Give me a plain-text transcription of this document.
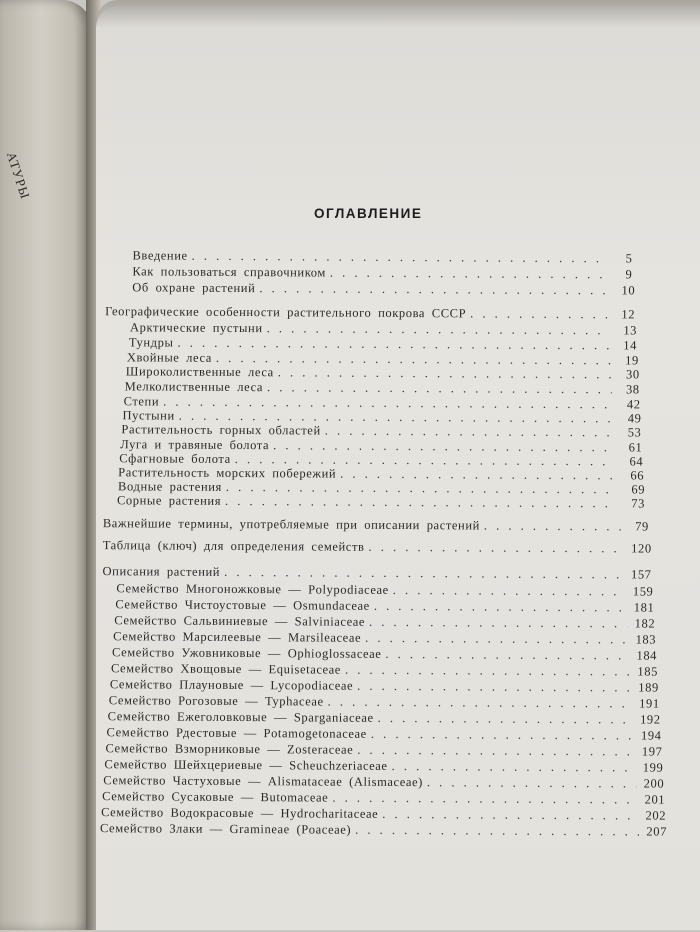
АТУРЫ
ОГЛАВЛЕНИЕ
Введение . . .	5
Как пользоваться справочником . . .	9
Об охране растений . . .	10
Географические особенности растительного покрова СССР . . .	12
Арктические пустыни . . .	13
Тундры . . .	14
Хвойные леса . . .	19
Широколиственные леса . . .	30
Мелколиственные леса . . .	38
Степи . . .	42
Пустыни . . .	49
Растительность горных областей . . .	53
Луга и травяные болота . . .	61
Сфагновые болота . . .	64
Растительность морских побережий . . .	66
Водные растения . . .	69
Сорные растения . . .	73
Важнейшие термины, употребляемые при описании растений . . .	79
Таблица (ключ) для определения семейств . . .	120
Описания растений . . .	157
Семейство Многоножковые — Polypodiaceae . . .	159
Семейство Чистоустовые — Osmundaceae . . .	181
Семейство Сальвиниевые — Salviniaceae . . .	182
Семейство Марсилеевые — Marsileaceae . . .	183
Семейство Ужовниковые — Ophioglossaceae . . .	184
Семейство Хвощовые — Equisetaceae . . .	185
Семейство Плауновые — Lycopodiaceae . . .	189
Семейство Рогозовые — Typhaceae . . .	191
Семейство Ежеголовковые — Sparganiaceae . . .	192
Семейство Рдестовые — Potamogetonaceae . . .	194
Семейство Взморниковые — Zosteraceae . . .	197
Семейство Шейхцериевые — Scheuchzeriaceae . . .	199
Семейство Частуховые — Alismataceae (Alismaceae) . . .	200
Семейство Сусаковые — Butomaceae . . .	201
Семейство Водокрасовые — Hydrocharitaceae . . .	202
Семейство Злаки — Gramineae (Poaceae) . . .	207
